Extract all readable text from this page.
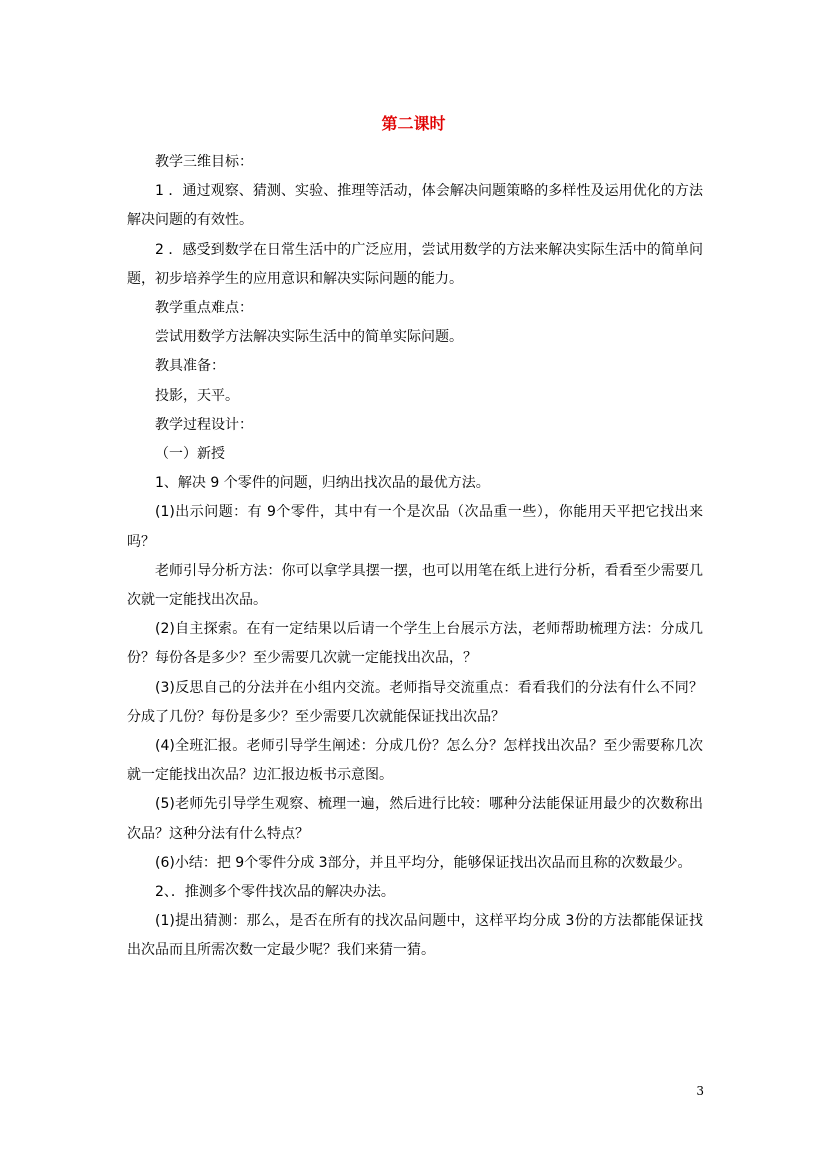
第二课时

教学三维目标：

1 ．通过观察、猜测、实验、推理等活动，体会解决问题策略的多样性及运用优化的方法解决问题的有效性。

2 ．感受到数学在日常生活中的广泛应用，尝试用数学的方法来解决实际生活中的简单问题，初步培养学生的应用意识和解决实际问题的能力。

教学重点难点：

尝试用数学方法解决实际生活中的简单实际问题。

教具准备：

投影，天平。

教学过程设计：

（一）新授

1、解决 9 个零件的问题，归纳出找次品的最优方法。

(1)出示问题：有 9个零件，其中有一个是次品（次品重一些），你能用天平把它找出来吗？

老师引导分析方法：你可以拿学具摆一摆，也可以用笔在纸上进行分析，看看至少需要几次就一定能找出次品。

(2)自主探索。在有一定结果以后请一个学生上台展示方法，老师帮助梳理方法：分成几份？每份各是多少？至少需要几次就一定能找出次品，？

(3)反思自己的分法并在小组内交流。老师指导交流重点：看看我们的分法有什么不同？分成了几份？每份是多少？至少需要几次就能保证找出次品？

(4)全班汇报。老师引导学生阐述：分成几份？怎么分？怎样找出次品？至少需要称几次就一定能找出次品？边汇报边板书示意图。

(5)老师先引导学生观察、梳理一遍，然后进行比较：哪种分法能保证用最少的次数称出次品？这种分法有什么特点？

(6)小结：把 9个零件分成 3部分，并且平均分，能够保证找出次品而且称的次数最少。

2、．推测多个零件找次品的解决办法。

(1)提出猜测：那么，是否在所有的找次品问题中，这样平均分成 3份的方法都能保证找出次品而且所需次数一定最少呢？我们来猜一猜。

3
